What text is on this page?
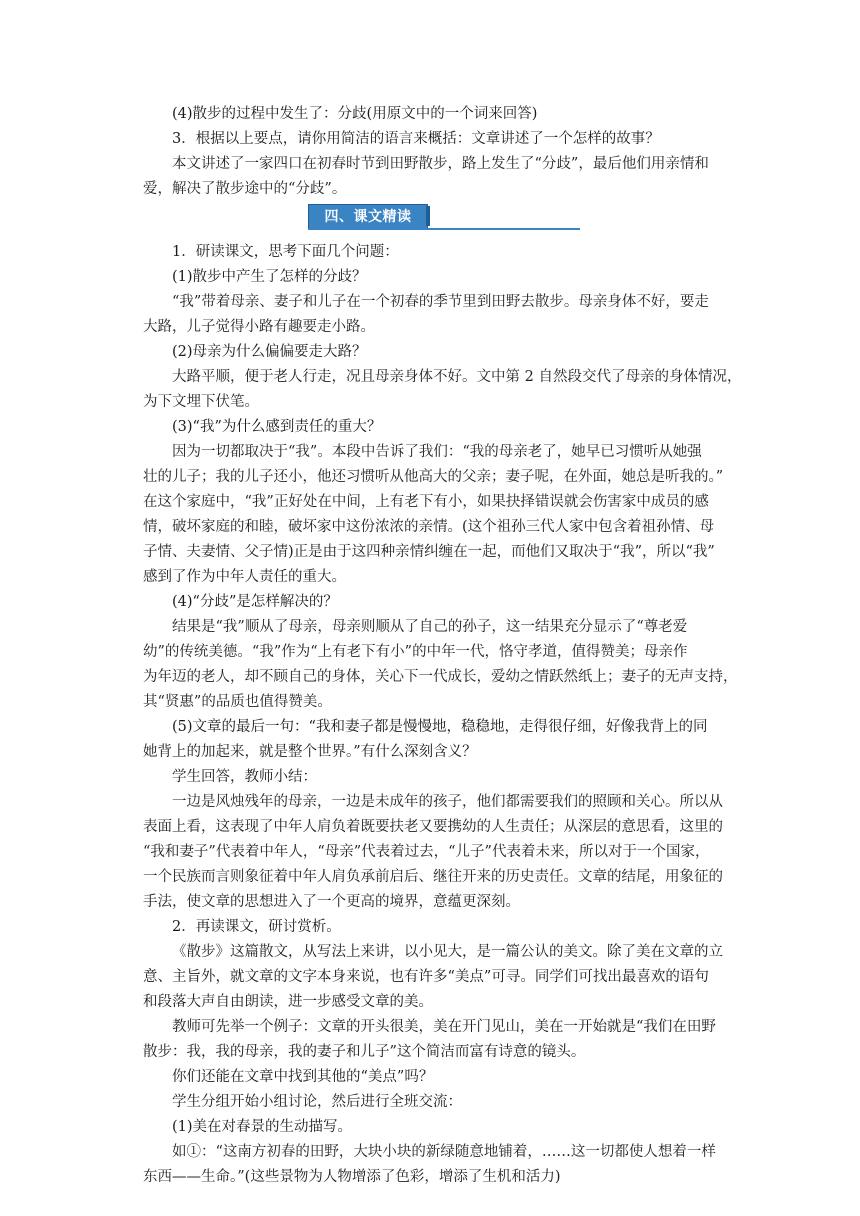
(4)散步的过程中发生了：分歧(用原文中的一个词来回答)
3．根据以上要点，请你用简洁的语言来概括：文章讲述了一个怎样的故事？
本文讲述了一家四口在初春时节到田野散步，路上发生了“分歧”，最后他们用亲情和
爱，解决了散步途中的“分歧”。
四、课文精读
1．研读课文，思考下面几个问题：
(1)散步中产生了怎样的分歧？
“我”带着母亲、妻子和儿子在一个初春的季节里到田野去散步。母亲身体不好，要走
大路，儿子觉得小路有趣要走小路。
(2)母亲为什么偏偏要走大路？
大路平顺，便于老人行走，况且母亲身体不好。文中第 2 自然段交代了母亲的身体情况，
为下文埋下伏笔。
(3)“我”为什么感到责任的重大？
因为一切都取决于“我”。本段中告诉了我们：“我的母亲老了，她早已习惯听从她强
壮的儿子；我的儿子还小，他还习惯听从他高大的父亲；妻子呢，在外面，她总是听我的。”
在这个家庭中，“我”正好处在中间，上有老下有小，如果抉择错误就会伤害家中成员的感
情，破坏家庭的和睦，破坏家中这份浓浓的亲情。(这个祖孙三代人家中包含着祖孙情、母
子情、夫妻情、父子情)正是由于这四种亲情纠缠在一起，而他们又取决于“我”，所以“我”
感到了作为中年人责任的重大。
(4)“分歧”是怎样解决的？
结果是“我”顺从了母亲，母亲则顺从了自己的孙子，这一结果充分显示了“尊老爱
幼”的传统美德。“我”作为“上有老下有小”的中年一代，恪守孝道，值得赞美；母亲作
为年迈的老人，却不顾自己的身体，关心下一代成长，爱幼之情跃然纸上；妻子的无声支持，
其“贤惠”的品质也值得赞美。
(5)文章的最后一句：“我和妻子都是慢慢地，稳稳地，走得很仔细，好像我背上的同
她背上的加起来，就是整个世界。”有什么深刻含义？
学生回答，教师小结：
一边是风烛残年的母亲，一边是未成年的孩子，他们都需要我们的照顾和关心。所以从
表面上看，这表现了中年人肩负着既要扶老又要携幼的人生责任；从深层的意思看，这里的
“我和妻子”代表着中年人，“母亲”代表着过去，“儿子”代表着未来，所以对于一个国家，
一个民族而言则象征着中年人肩负承前启后、继往开来的历史责任。文章的结尾，用象征的
手法，使文章的思想进入了一个更高的境界，意蕴更深刻。
2．再读课文，研讨赏析。
《散步》这篇散文，从写法上来讲，以小见大，是一篇公认的美文。除了美在文章的立
意、主旨外，就文章的文字本身来说，也有许多“美点”可寻。同学们可找出最喜欢的语句
和段落大声自由朗读，进一步感受文章的美。
教师可先举一个例子：文章的开头很美，美在开门见山，美在一开始就是“我们在田野
散步：我，我的母亲，我的妻子和儿子”这个简洁而富有诗意的镜头。
你们还能在文章中找到其他的“美点”吗？
学生分组开始小组讨论，然后进行全班交流：
(1)美在对春景的生动描写。
如①：“这南方初春的田野，大块小块的新绿随意地铺着，……这一切都使人想着一样
东西——生命。”(这些景物为人物增添了色彩，增添了生机和活力)
